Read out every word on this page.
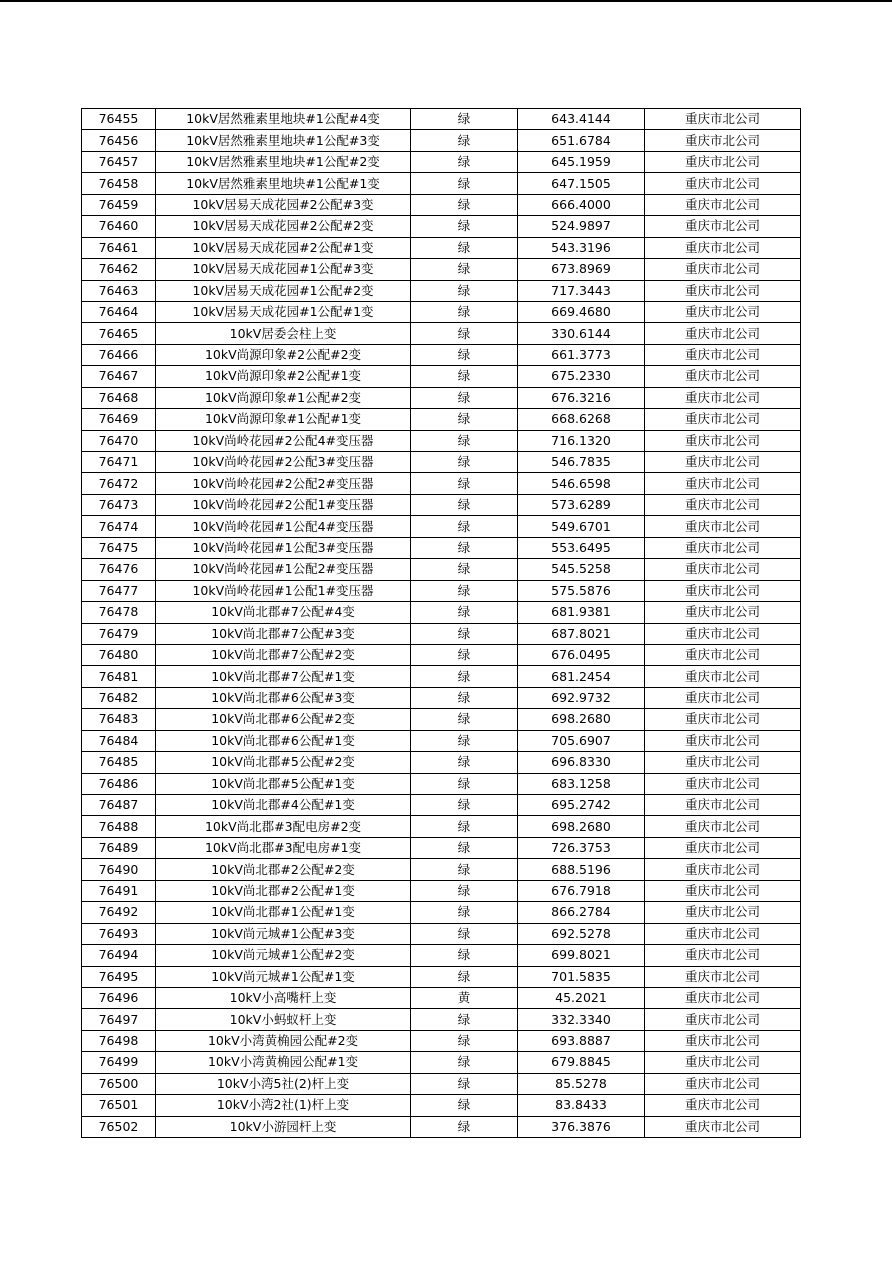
76455	10kV居然雅素里地块#1公配#4变	绿	643.4144	重庆市北公司
76456	10kV居然雅素里地块#1公配#3变	绿	651.6784	重庆市北公司
76457	10kV居然雅素里地块#1公配#2变	绿	645.1959	重庆市北公司
76458	10kV居然雅素里地块#1公配#1变	绿	647.1505	重庆市北公司
76459	10kV居易天成花园#2公配#3变	绿	666.4000	重庆市北公司
76460	10kV居易天成花园#2公配#2变	绿	524.9897	重庆市北公司
76461	10kV居易天成花园#2公配#1变	绿	543.3196	重庆市北公司
76462	10kV居易天成花园#1公配#3变	绿	673.8969	重庆市北公司
76463	10kV居易天成花园#1公配#2变	绿	717.3443	重庆市北公司
76464	10kV居易天成花园#1公配#1变	绿	669.4680	重庆市北公司
76465	10kV居委会柱上变	绿	330.6144	重庆市北公司
76466	10kV尚源印象#2公配#2变	绿	661.3773	重庆市北公司
76467	10kV尚源印象#2公配#1变	绿	675.2330	重庆市北公司
76468	10kV尚源印象#1公配#2变	绿	676.3216	重庆市北公司
76469	10kV尚源印象#1公配#1变	绿	668.6268	重庆市北公司
76470	10kV尚岭花园#2公配4#变压器	绿	716.1320	重庆市北公司
76471	10kV尚岭花园#2公配3#变压器	绿	546.7835	重庆市北公司
76472	10kV尚岭花园#2公配2#变压器	绿	546.6598	重庆市北公司
76473	10kV尚岭花园#2公配1#变压器	绿	573.6289	重庆市北公司
76474	10kV尚岭花园#1公配4#变压器	绿	549.6701	重庆市北公司
76475	10kV尚岭花园#1公配3#变压器	绿	553.6495	重庆市北公司
76476	10kV尚岭花园#1公配2#变压器	绿	545.5258	重庆市北公司
76477	10kV尚岭花园#1公配1#变压器	绿	575.5876	重庆市北公司
76478	10kV尚北郡#7公配#4变	绿	681.9381	重庆市北公司
76479	10kV尚北郡#7公配#3变	绿	687.8021	重庆市北公司
76480	10kV尚北郡#7公配#2变	绿	676.0495	重庆市北公司
76481	10kV尚北郡#7公配#1变	绿	681.2454	重庆市北公司
76482	10kV尚北郡#6公配#3变	绿	692.9732	重庆市北公司
76483	10kV尚北郡#6公配#2变	绿	698.2680	重庆市北公司
76484	10kV尚北郡#6公配#1变	绿	705.6907	重庆市北公司
76485	10kV尚北郡#5公配#2变	绿	696.8330	重庆市北公司
76486	10kV尚北郡#5公配#1变	绿	683.1258	重庆市北公司
76487	10kV尚北郡#4公配#1变	绿	695.2742	重庆市北公司
76488	10kV尚北郡#3配电房#2变	绿	698.2680	重庆市北公司
76489	10kV尚北郡#3配电房#1变	绿	726.3753	重庆市北公司
76490	10kV尚北郡#2公配#2变	绿	688.5196	重庆市北公司
76491	10kV尚北郡#2公配#1变	绿	676.7918	重庆市北公司
76492	10kV尚北郡#1公配#1变	绿	866.2784	重庆市北公司
76493	10kV尚元城#1公配#3变	绿	692.5278	重庆市北公司
76494	10kV尚元城#1公配#2变	绿	699.8021	重庆市北公司
76495	10kV尚元城#1公配#1变	绿	701.5835	重庆市北公司
76496	10kV小高嘴杆上变	黄	45.2021	重庆市北公司
76497	10kV小蚂蚁杆上变	绿	332.3340	重庆市北公司
76498	10kV小湾黄桷园公配#2变	绿	693.8887	重庆市北公司
76499	10kV小湾黄桷园公配#1变	绿	679.8845	重庆市北公司
76500	10kV小湾5社(2)杆上变	绿	85.5278	重庆市北公司
76501	10kV小湾2社(1)杆上变	绿	83.8433	重庆市北公司
76502	10kV小游园杆上变	绿	376.3876	重庆市北公司
